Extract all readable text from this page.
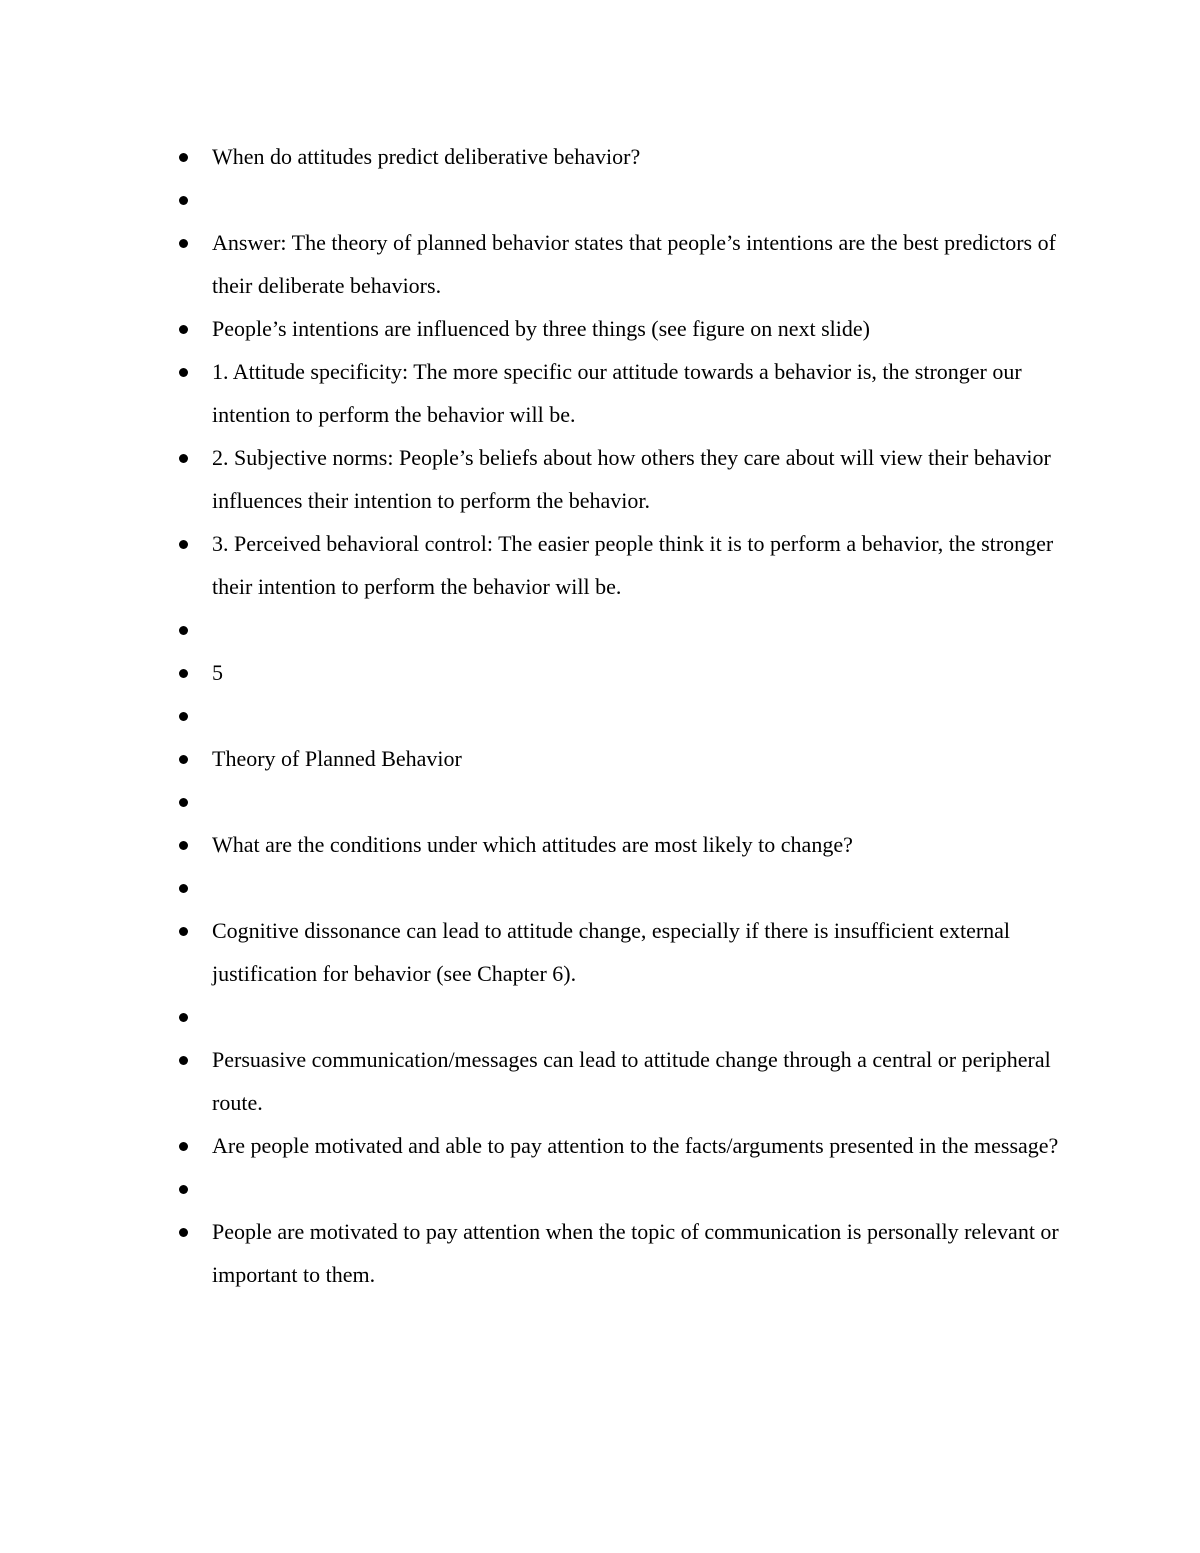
When do attitudes predict deliberative behavior?
Answer: The theory of planned behavior states that people’s intentions are the best predictors of their deliberate behaviors.
People’s intentions are influenced by three things (see figure on next slide)
1. Attitude specificity: The more specific our attitude towards a behavior is, the stronger our intention to perform the behavior will be.
2. Subjective norms: People’s beliefs about how others they care about will view their behavior influences their intention to perform the behavior.
3. Perceived behavioral control: The easier people think it is to perform a behavior, the stronger their intention to perform the behavior will be.
5
Theory of Planned Behavior
What are the conditions under which attitudes are most likely to change?
Cognitive dissonance can lead to attitude change, especially if there is insufficient external justification for behavior (see Chapter 6).
Persuasive communication/messages can lead to attitude change through a central or peripheral route.
Are people motivated and able to pay attention to the facts/arguments presented in the message?
People are motivated to pay attention when the topic of communication is personally relevant or important to them.
